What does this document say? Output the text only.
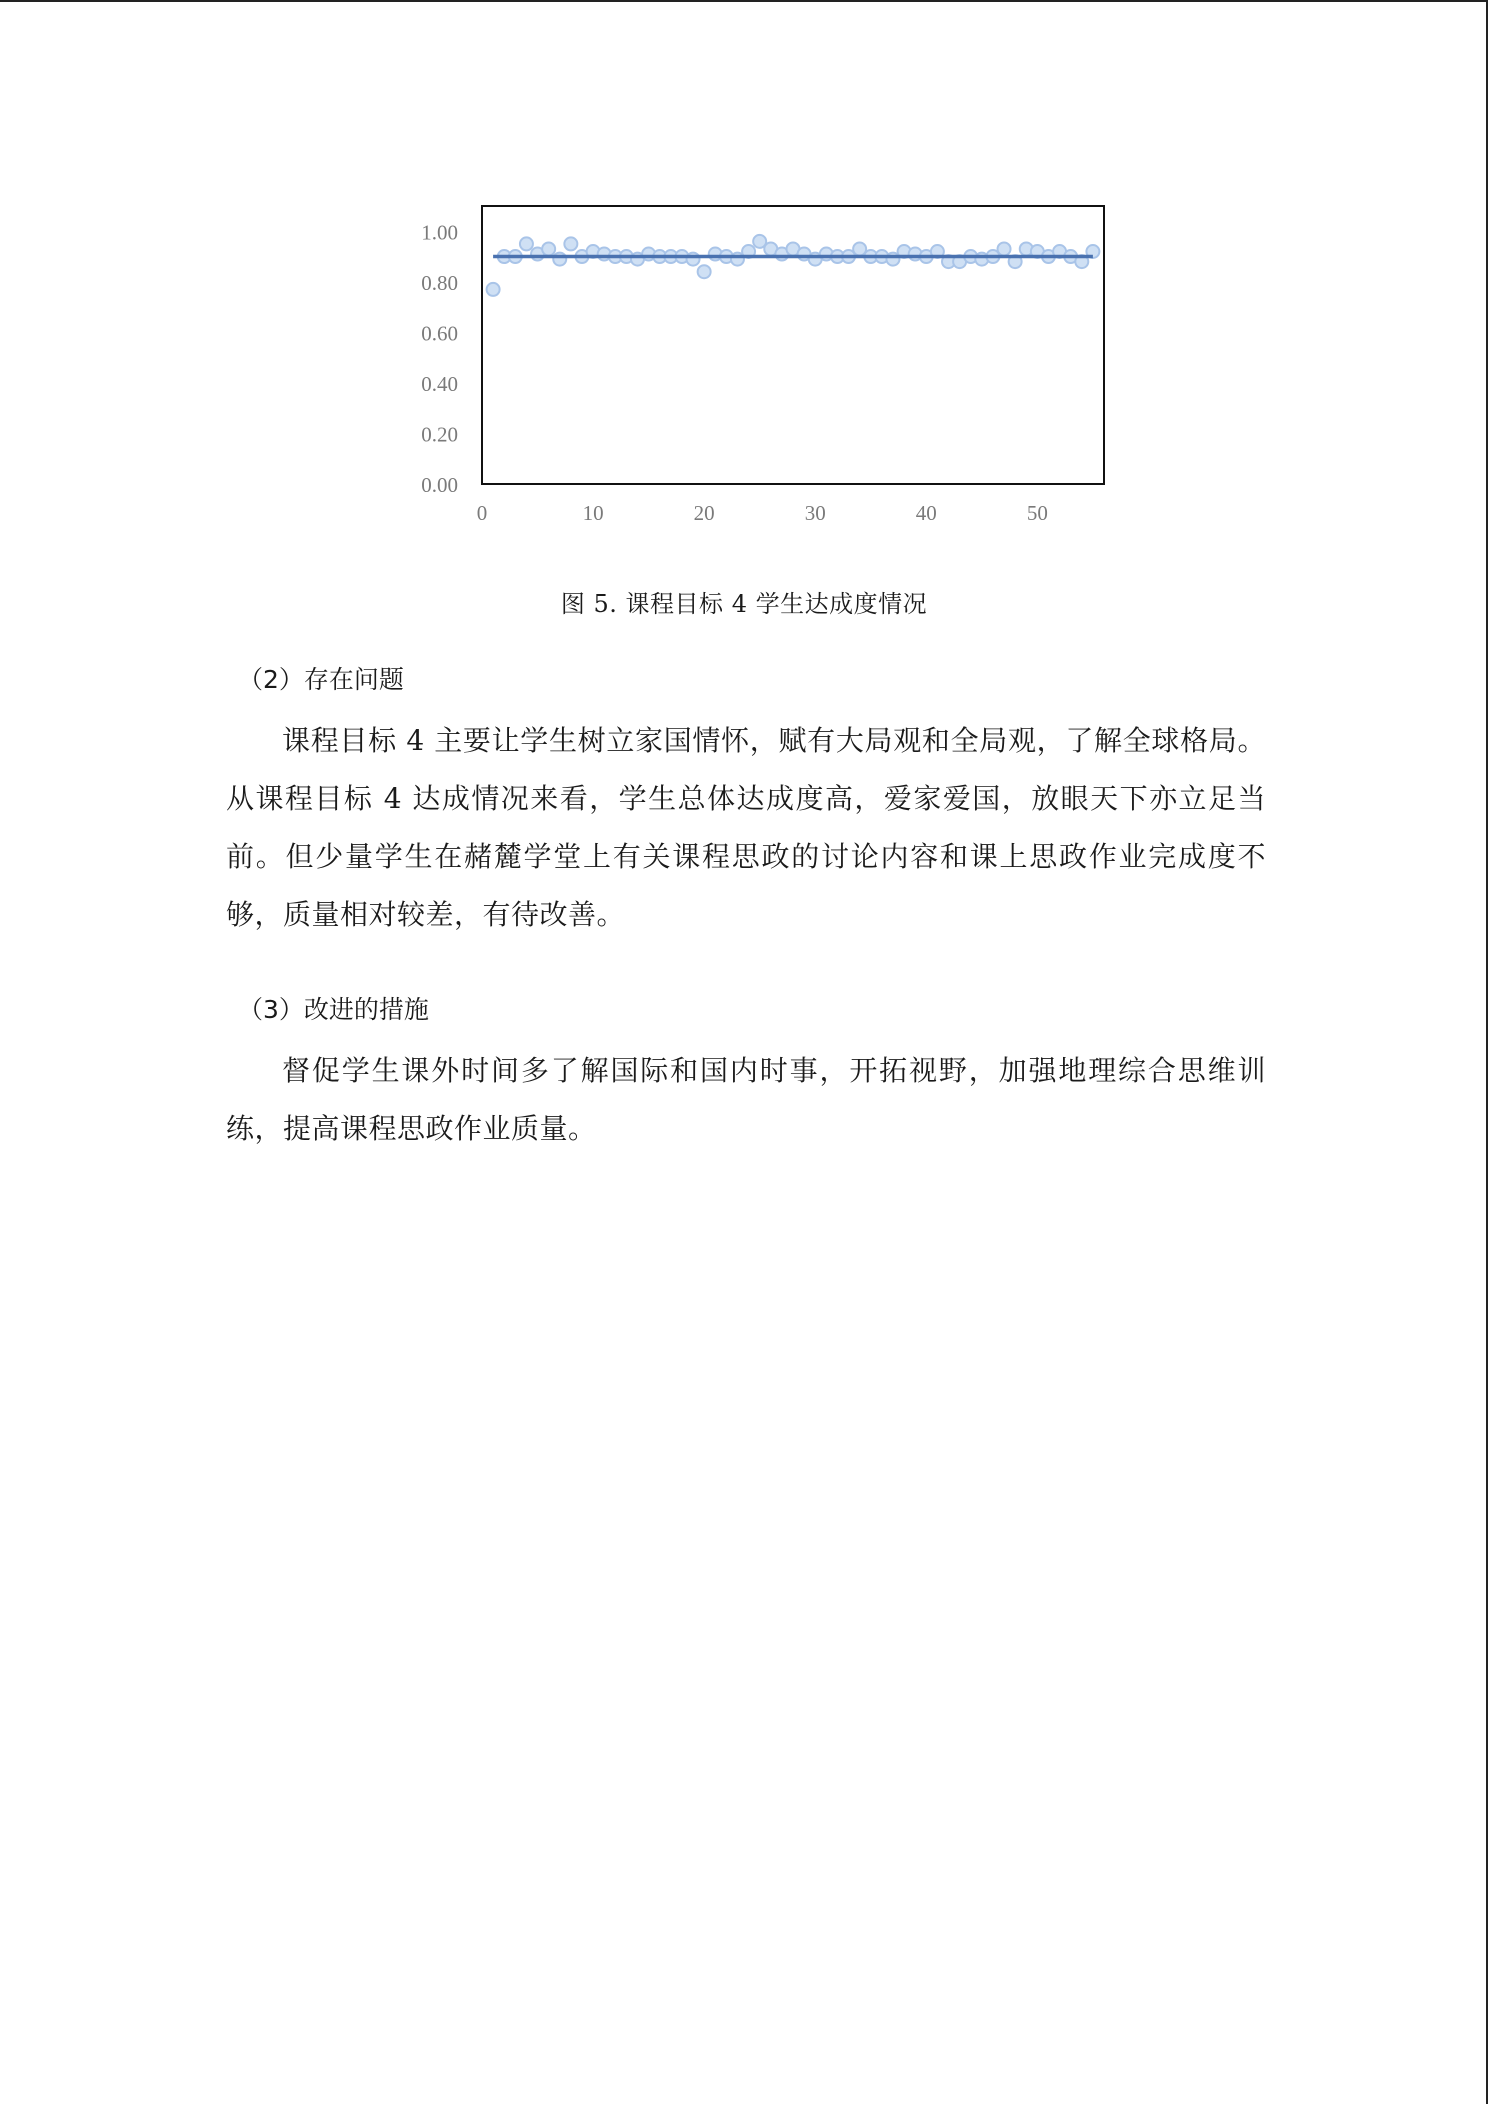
0.00
0.20
0.40
0.60
0.80
1.00
0	10	20	30	40	50
图 5. 课程目标 4 学生达成度情况
（2）存在问题

课程目标 4 主要让学生树立家国情怀，赋有大局观和全局观，了解全球格局。从课程目标 4 达成情况来看，学生总体达成度高，爱家爱国，放眼天下亦立足当前。但少量学生在赭麓学堂上有关课程思政的讨论内容和课上思政作业完成度不够，质量相对较差，有待改善。

（3）改进的措施

督促学生课外时间多了解国际和国内时事，开拓视野，加强地理综合思维训练，提高课程思政作业质量。
